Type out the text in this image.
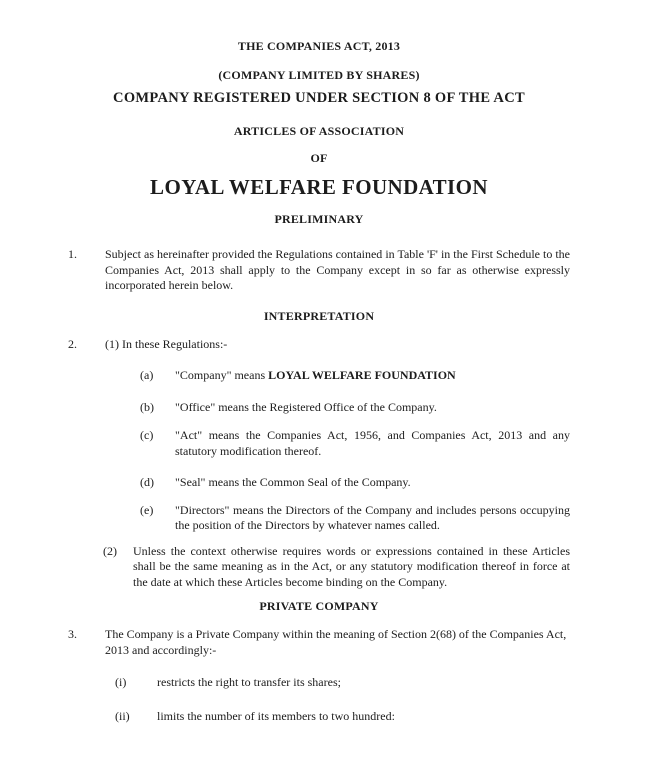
THE COMPANIES ACT, 2013
(COMPANY LIMITED BY SHARES)
COMPANY REGISTERED UNDER SECTION 8 OF THE ACT
ARTICLES OF ASSOCIATION
OF
LOYAL WELFARE FOUNDATION
PRELIMINARY
1.	Subject as hereinafter provided the Regulations contained in Table 'F' in the First Schedule to the Companies Act, 2013 shall apply to the Company except in so far as otherwise expressly incorporated herein below.
INTERPRETATION
2.	(1) In these Regulations:-
(a)	"Company" means LOYAL WELFARE FOUNDATION
(b)	"Office" means the Registered Office of the Company.
(c)	"Act" means the Companies Act, 1956, and Companies Act, 2013 and any statutory modification thereof.
(d)	"Seal" means the Common Seal of the Company.
(e)	"Directors" means the Directors of the Company and includes persons occupying the position of the Directors by whatever names called.
(2)	Unless the context otherwise requires words or expressions contained in these Articles shall be the same meaning as in the Act, or any statutory modification thereof in force at the date at which these Articles become binding on the Company.
PRIVATE COMPANY
3.	The Company is a Private Company within the meaning of Section 2(68) of the Companies Act, 2013 and accordingly:-
(i)	restricts the right to transfer its shares;
(ii)	limits the number of its members to two hundred:
